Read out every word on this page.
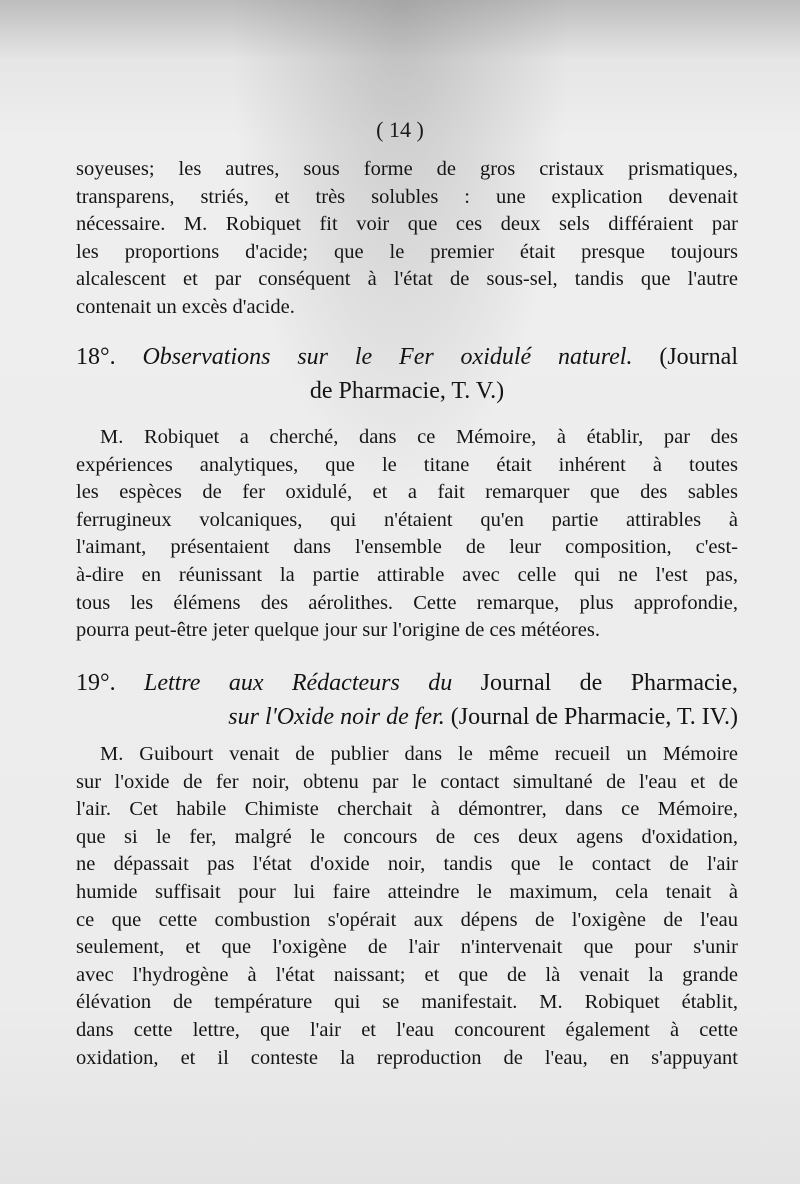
( 14 )
soyeuses; les autres, sous forme de gros cristaux prismatiques,
transparens, striés, et très solubles : une explication devenait
nécessaire. M. Robiquet fit voir que ces deux sels différaient par
les proportions d'acide; que le premier était presque toujours
alcalescent et par conséquent à l'état de sous-sel, tandis que l'autre
contenait un excès d'acide.
18°. Observations sur le Fer oxidulé naturel. (Journal
de Pharmacie, T. V.)
M. Robiquet a cherché, dans ce Mémoire, à établir, par des
expériences analytiques, que le titane était inhérent à toutes
les espèces de fer oxidulé, et a fait remarquer que des sables
ferrugineux volcaniques, qui n'étaient qu'en partie attirables à
l'aimant, présentaient dans l'ensemble de leur composition, c'est-
à-dire en réunissant la partie attirable avec celle qui ne l'est pas,
tous les élémens des aérolithes. Cette remarque, plus approfondie,
pourra peut-être jeter quelque jour sur l'origine de ces météores.
19°. Lettre aux Rédacteurs du Journal de Pharmacie,
sur l'Oxide noir de fer. (Journal de Pharmacie, T. IV.)
M. Guibourt venait de publier dans le même recueil un Mémoire
sur l'oxide de fer noir, obtenu par le contact simultané de l'eau et de
l'air. Cet habile Chimiste cherchait à démontrer, dans ce Mémoire,
que si le fer, malgré le concours de ces deux agens d'oxidation,
ne dépassait pas l'état d'oxide noir, tandis que le contact de l'air
humide suffisait pour lui faire atteindre le maximum, cela tenait à
ce que cette combustion s'opérait aux dépens de l'oxigène de l'eau
seulement, et que l'oxigène de l'air n'intervenait que pour s'unir
avec l'hydrogène à l'état naissant; et que de là venait la grande
élévation de température qui se manifestait. M. Robiquet établit,
dans cette lettre, que l'air et l'eau concourent également à cette
oxidation, et il conteste la reproduction de l'eau, en s'appuyant
